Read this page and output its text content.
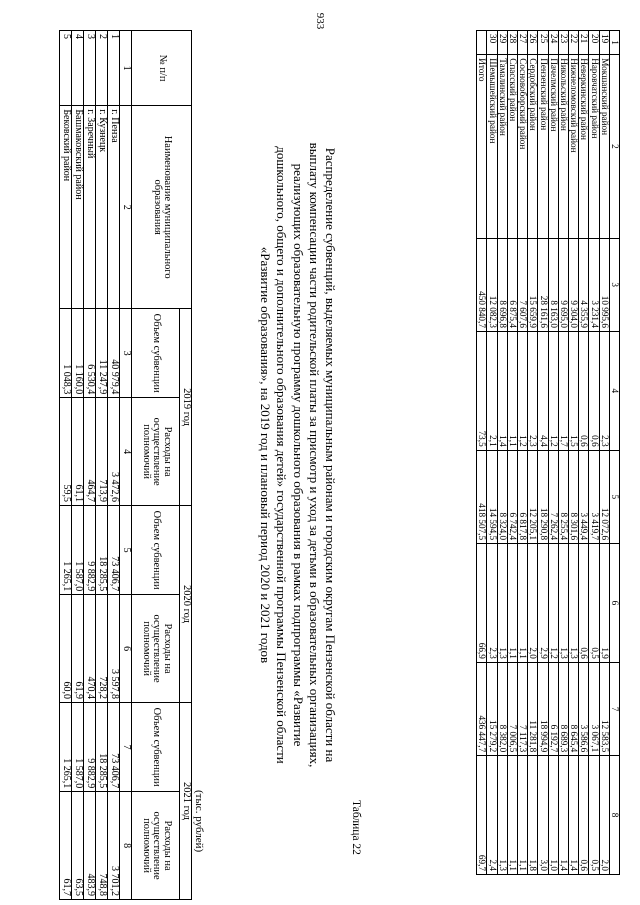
933
1	2	3	4	5	6	7	8
19	Мокшанский район	10 995,6	2,3	12 072,6	1,9	12 583,5	2,0
20	Наровчатский район	3 231,4	0,6	3 419,7	0,5	3 067,1	0,5
21	Неверкинский район	4 355,9	0,6	3 449,4	0,6	3 586,6	0,6
22	Нижнеломовский район	9 304,0	1,5	8 301,6	1,3	8 645,4	1,4
23	Никольский район	9 695,0	1,7	8 255,4	1,3	8 689,3	1,4
24	Пачелмский район	8 163,0	1,2	7 262,4	1,2	6 192,7	1,0
25	Пензенский район	28 161,6	4,4	18 290,8	2,9	18 994,9	3,0
26	Сердобский район	15 659,9	2,3	12 205,1	2,0	11 281,8	1,8
27	Сосновоборский район	7 607,6	1,2	6 817,8	1,1	7 117,3	1,1
28	Спасский район	6 875,4	1,1	6 742,4	1,1	7 006,5	1,1
29	Тамалинский район	8 696,8	1,4	8 324,0	1,3	8 382,0	1,3
30	Шемышейский район	12 082,3	2,1	14 594,5	2,3	15 279,2	2,4
	Итого	450 840,7	73,5	418 507,5	66,9	436 447,7	69,7
Таблица 22
Распределение субвенций, выделяемых муниципальным районам и городским округам Пензенской области на
выплату компенсации части родительской платы за присмотр и уход за детьми в образовательных организациях,
реализующих образовательную программу дошкольного образования в рамках подпрограммы «Развитие
дошкольного, общего и дополнительного образования детей» государственной программы Пензенской области
«Развитие образования», на 2019 год и плановый период 2020 и 2021 годов
(тыс. рублей)
№ п/п	Наименование муниципального образования	2019 год		2020 год		2021 год	
		Объем субвенции	Расходы на осуществление полномочий	Объем субвенции	Расходы на осуществление полномочий	Объем субвенции	Расходы на осуществление полномочий
1	2	3	4	5	6	7	8
1	г. Пенза	40 979,4	3 472,6	73 406,7	3 597,8	73 406,7	3 701,2
2	г. Кузнецк	11 247,9	713,9	18 285,5	728,2	18 285,5	748,8
3	г. Заречный	6 530,4	464,7	9 882,9	470,4	9 882,9	483,9
4	Башмаковский район	1 160,0	61,1	1 587,0	61,9	1 587,0	63,5
5	Бековский район	1 048,3	59,5	1 265,1	60,0	1 265,1	61,7
